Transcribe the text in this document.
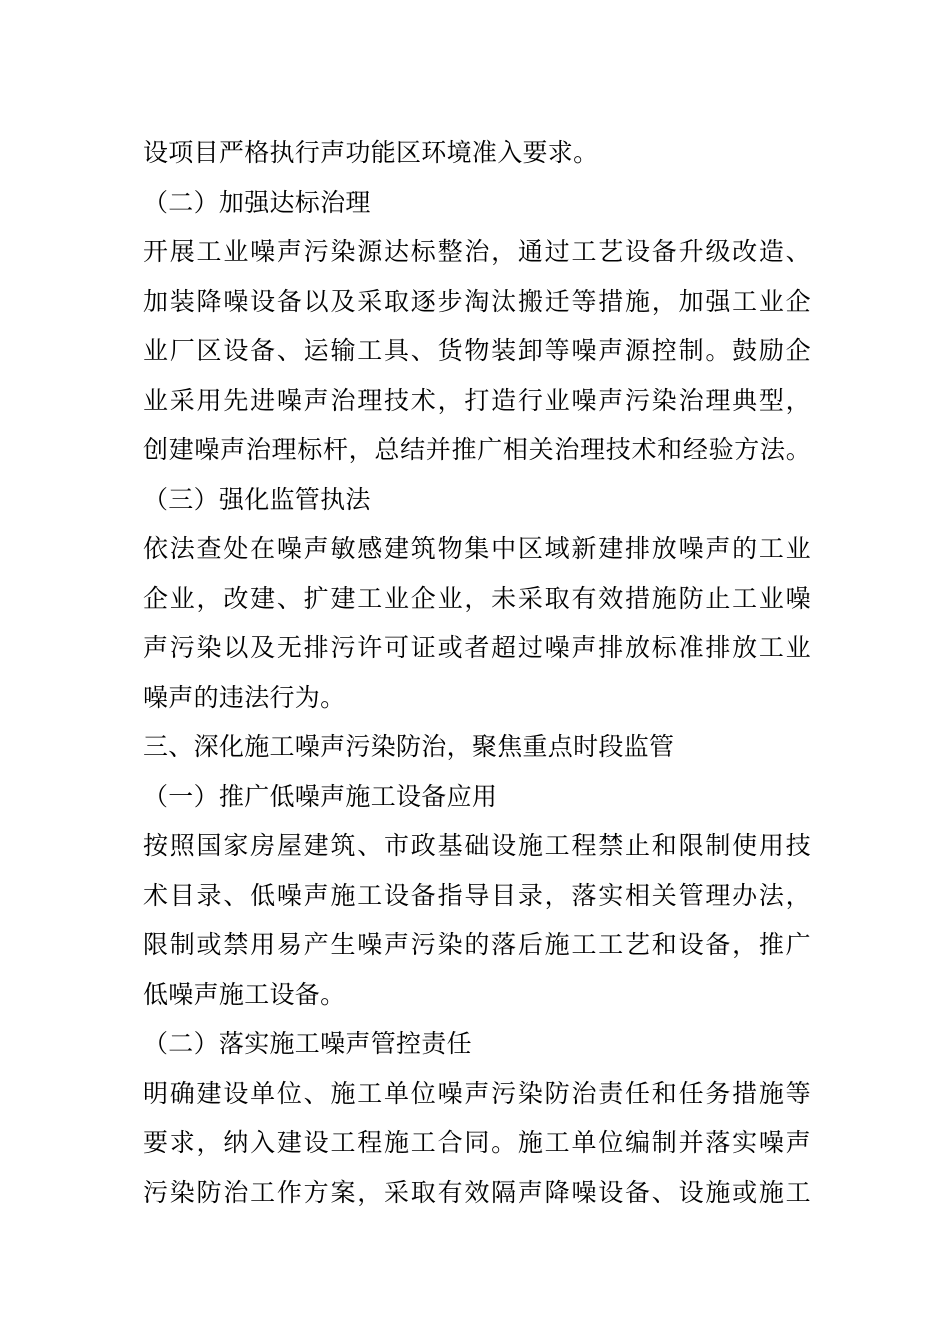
设项目严格执行声功能区环境准入要求。
（二）加强达标治理
开展工业噪声污染源达标整治，通过工艺设备升级改造、
加装降噪设备以及采取逐步淘汰搬迁等措施，加强工业企
业厂区设备、运输工具、货物装卸等噪声源控制。鼓励企
业采用先进噪声治理技术，打造行业噪声污染治理典型，
创建噪声治理标杆，总结并推广相关治理技术和经验方法。
（三）强化监管执法
依法查处在噪声敏感建筑物集中区域新建排放噪声的工业
企业，改建、扩建工业企业，未采取有效措施防止工业噪
声污染以及无排污许可证或者超过噪声排放标准排放工业
噪声的违法行为。
三、深化施工噪声污染防治，聚焦重点时段监管
（一）推广低噪声施工设备应用
按照国家房屋建筑、市政基础设施工程禁止和限制使用技
术目录、低噪声施工设备指导目录，落实相关管理办法，
限制或禁用易产生噪声污染的落后施工工艺和设备，推广
低噪声施工设备。
（二）落实施工噪声管控责任
明确建设单位、施工单位噪声污染防治责任和任务措施等
要求，纳入建设工程施工合同。施工单位编制并落实噪声
污染防治工作方案，采取有效隔声降噪设备、设施或施工
